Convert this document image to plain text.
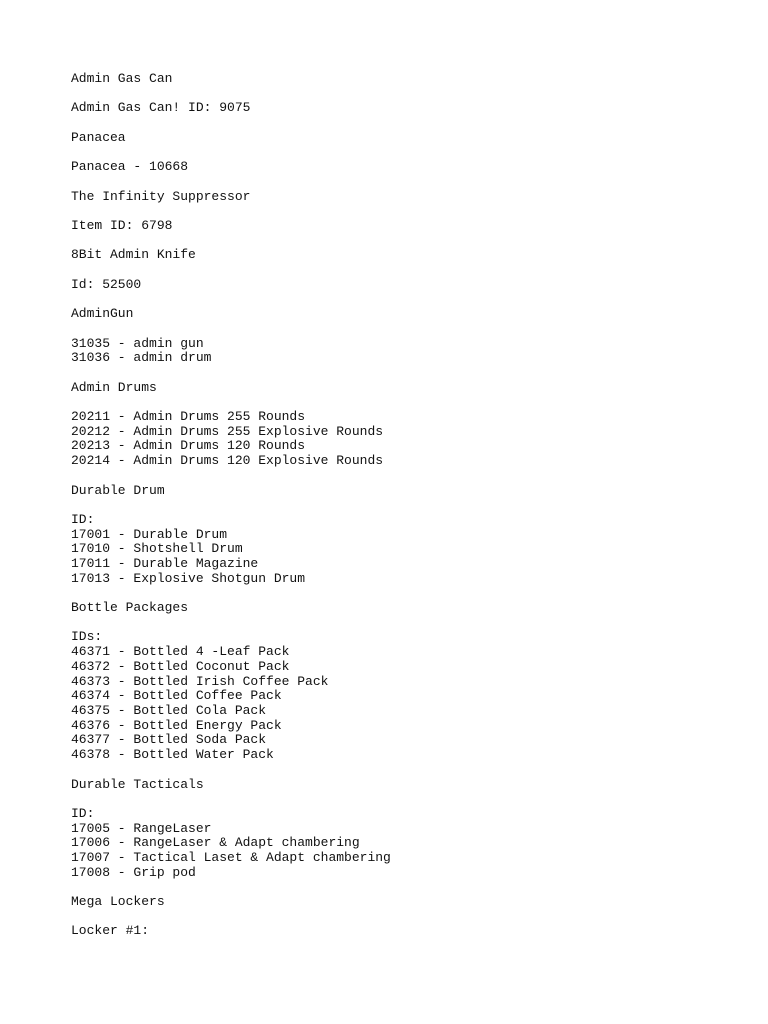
Admin Gas Can
Admin Gas Can! ID: 9075
Panacea
Panacea - 10668
The Infinity Suppressor
Item ID: 6798
8Bit Admin Knife
Id: 52500
AdminGun
31035 - admin gun
31036 - admin drum
Admin Drums
20211 - Admin Drums 255 Rounds
20212 - Admin Drums 255 Explosive Rounds
20213 - Admin Drums 120 Rounds
20214 - Admin Drums 120 Explosive Rounds
Durable Drum
ID:
17001 - Durable Drum
17010 - Shotshell Drum
17011 - Durable Magazine
17013 - Explosive Shotgun Drum
Bottle Packages
IDs:
46371 - Bottled 4 -Leaf Pack
46372 - Bottled Coconut Pack
46373 - Bottled Irish Coffee Pack
46374 - Bottled Coffee Pack
46375 - Bottled Cola Pack
46376 - Bottled Energy Pack
46377 - Bottled Soda Pack
46378 - Bottled Water Pack
Durable Tacticals
ID:
17005 - RangeLaser
17006 - RangeLaser & Adapt chambering
17007 - Tactical Laset & Adapt chambering
17008 - Grip pod
Mega Lockers
Locker #1:
